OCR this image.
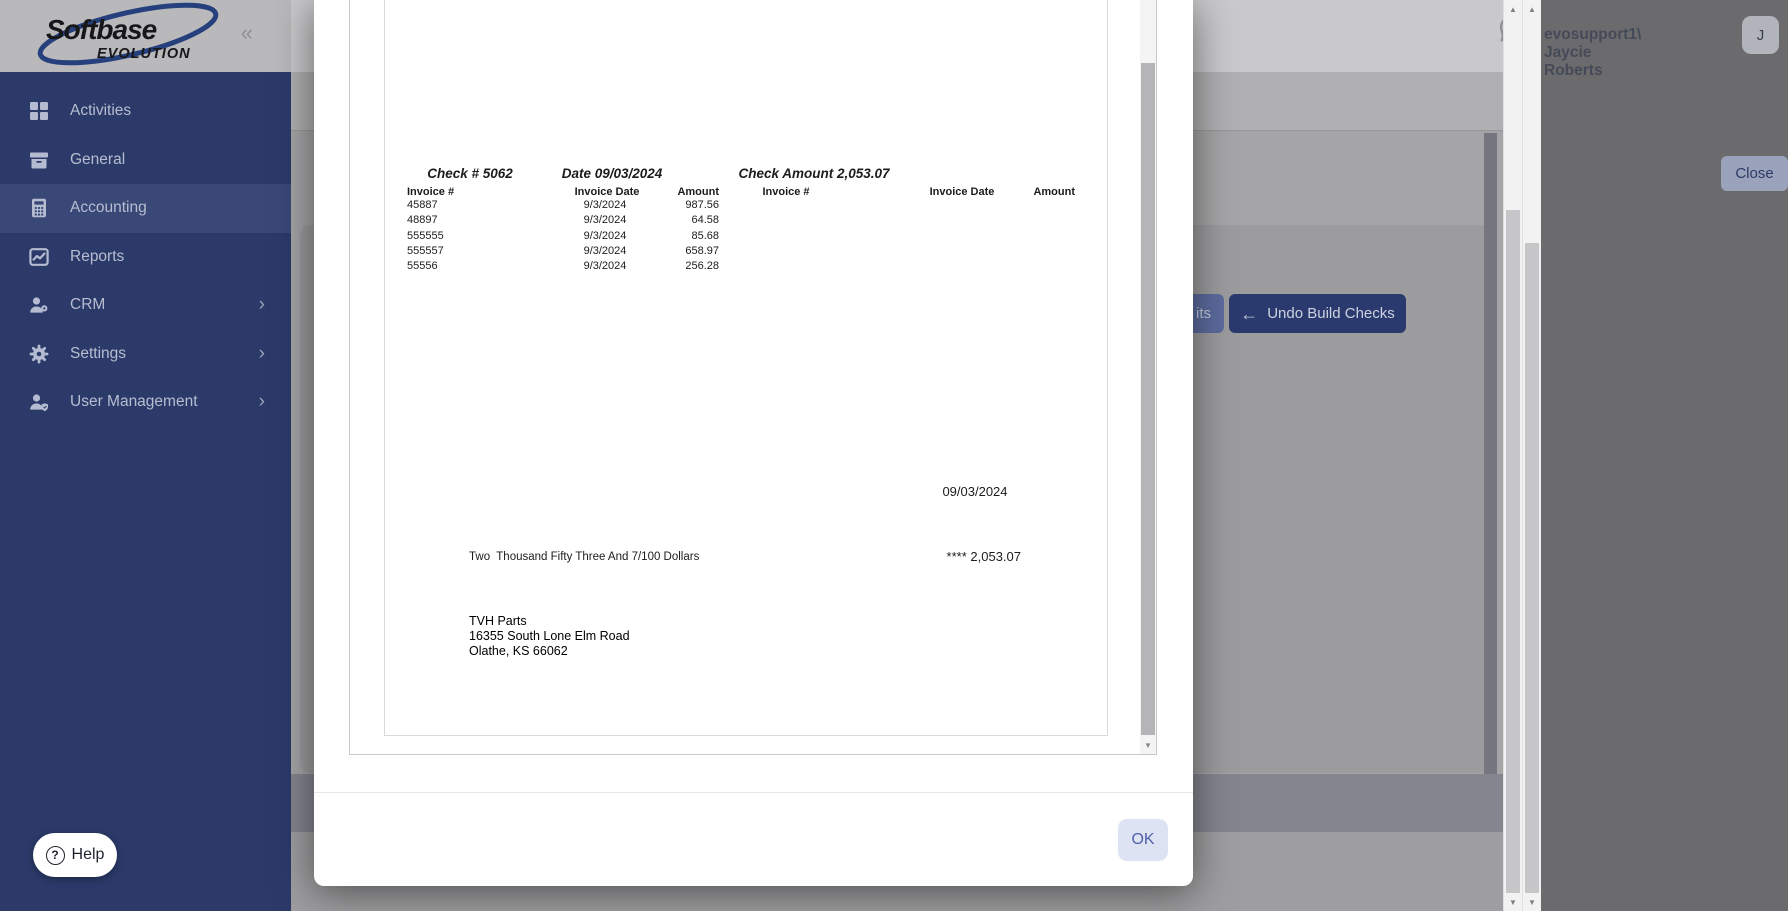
evosupport1\ Jaycie Roberts
J
Close
its	← Undo Build Checks
Softbase
EVOLUTION
«
Activities
General
Accounting
Reports
CRM	›
Settings	›
User Management	›
Check # 5062	Date 09/03/2024	Check Amount 2,053.07
Invoice #	Invoice Date	Amount	Invoice #	Invoice Date	Amount
45887	9/3/2024	987.56
48897	9/3/2024	64.58
555555	9/3/2024	85.68
555557	9/3/2024	658.97
55556	9/3/2024	256.28
09/03/2024
Two  Thousand Fifty Three And 7/100 Dollars	**** 2,053.07
TVH Parts
16355 South Lone Elm Road
Olathe, KS 66062
▼
OK
? Help
▲
▼
▲
▼
